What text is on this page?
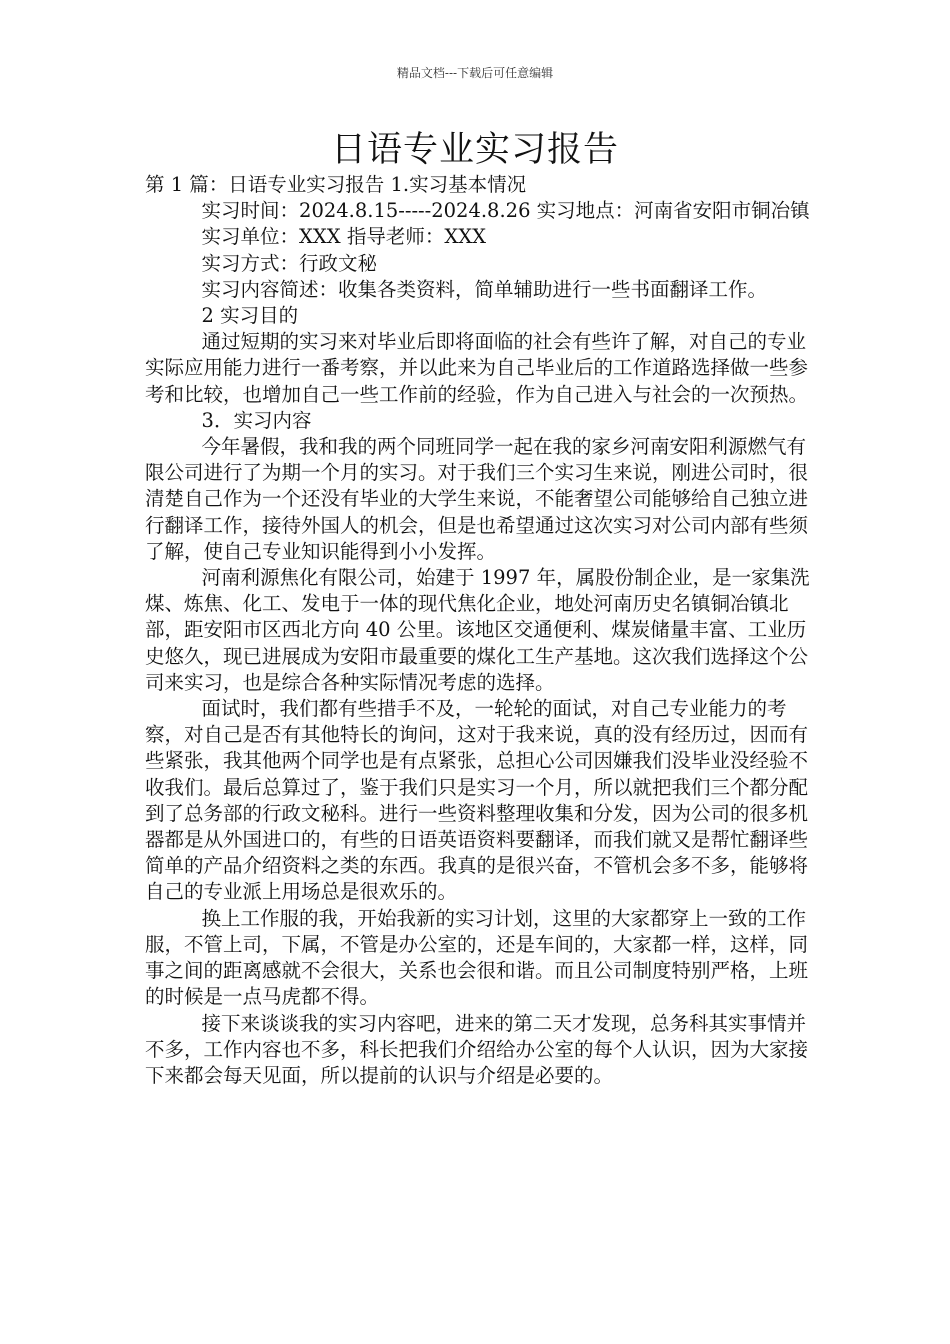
精品文档---下载后可任意编辑
日语专业实习报告

第 1 篇：日语专业实习报告 1.实习基本情况

实习时间：2024.8.15-----2024.8.26 实习地点：河南省安阳市铜冶镇

实习单位：XXX 指导老师：XXX

实习方式：行政文秘

实习内容简述：收集各类资料，简单辅助进行一些书面翻译工作。

2 实习目的

通过短期的实习来对毕业后即将面临的社会有些许了解，对自己的专业实际应用能力进行一番考察，并以此来为自己毕业后的工作道路选择做一些参考和比较，也增加自己一些工作前的经验，作为自己进入与社会的一次预热。

3．实习内容

今年暑假，我和我的两个同班同学一起在我的家乡河南安阳利源燃气有限公司进行了为期一个月的实习。对于我们三个实习生来说，刚进公司时，很清楚自己作为一个还没有毕业的大学生来说，不能奢望公司能够给自己独立进行翻译工作，接待外国人的机会，但是也希望通过这次实习对公司内部有些须了解，使自己专业知识能得到小小发挥。

河南利源焦化有限公司，始建于 1997 年，属股份制企业，是一家集洗煤、炼焦、化工、发电于一体的现代焦化企业，地处河南历史名镇铜冶镇北部，距安阳市区西北方向 40 公里。该地区交通便利、煤炭储量丰富、工业历史悠久，现已进展成为安阳市最重要的煤化工生产基地。这次我们选择这个公司来实习，也是综合各种实际情况考虑的选择。

面试时，我们都有些措手不及，一轮轮的面试，对自己专业能力的考察，对自己是否有其他特长的询问，这对于我来说，真的没有经历过，因而有些紧张，我其他两个同学也是有点紧张，总担心公司因嫌我们没毕业没经验不收我们。最后总算过了，鉴于我们只是实习一个月，所以就把我们三个都分配到了总务部的行政文秘科。进行一些资料整理收集和分发，因为公司的很多机器都是从外国进口的，有些的日语英语资料要翻译，而我们就又是帮忙翻译些简单的产品介绍资料之类的东西。我真的是很兴奋，不管机会多不多，能够将自己的专业派上用场总是很欢乐的。

换上工作服的我，开始我新的实习计划，这里的大家都穿上一致的工作服，不管上司，下属，不管是办公室的，还是车间的，大家都一样，这样，同事之间的距离感就不会很大，关系也会很和谐。而且公司制度特别严格，上班的时候是一点马虎都不得。

接下来谈谈我的实习内容吧，进来的第二天才发现，总务科其实事情并不多，工作内容也不多，科长把我们介绍给办公室的每个人认识，因为大家接下来都会每天见面，所以提前的认识与介绍是必要的。
